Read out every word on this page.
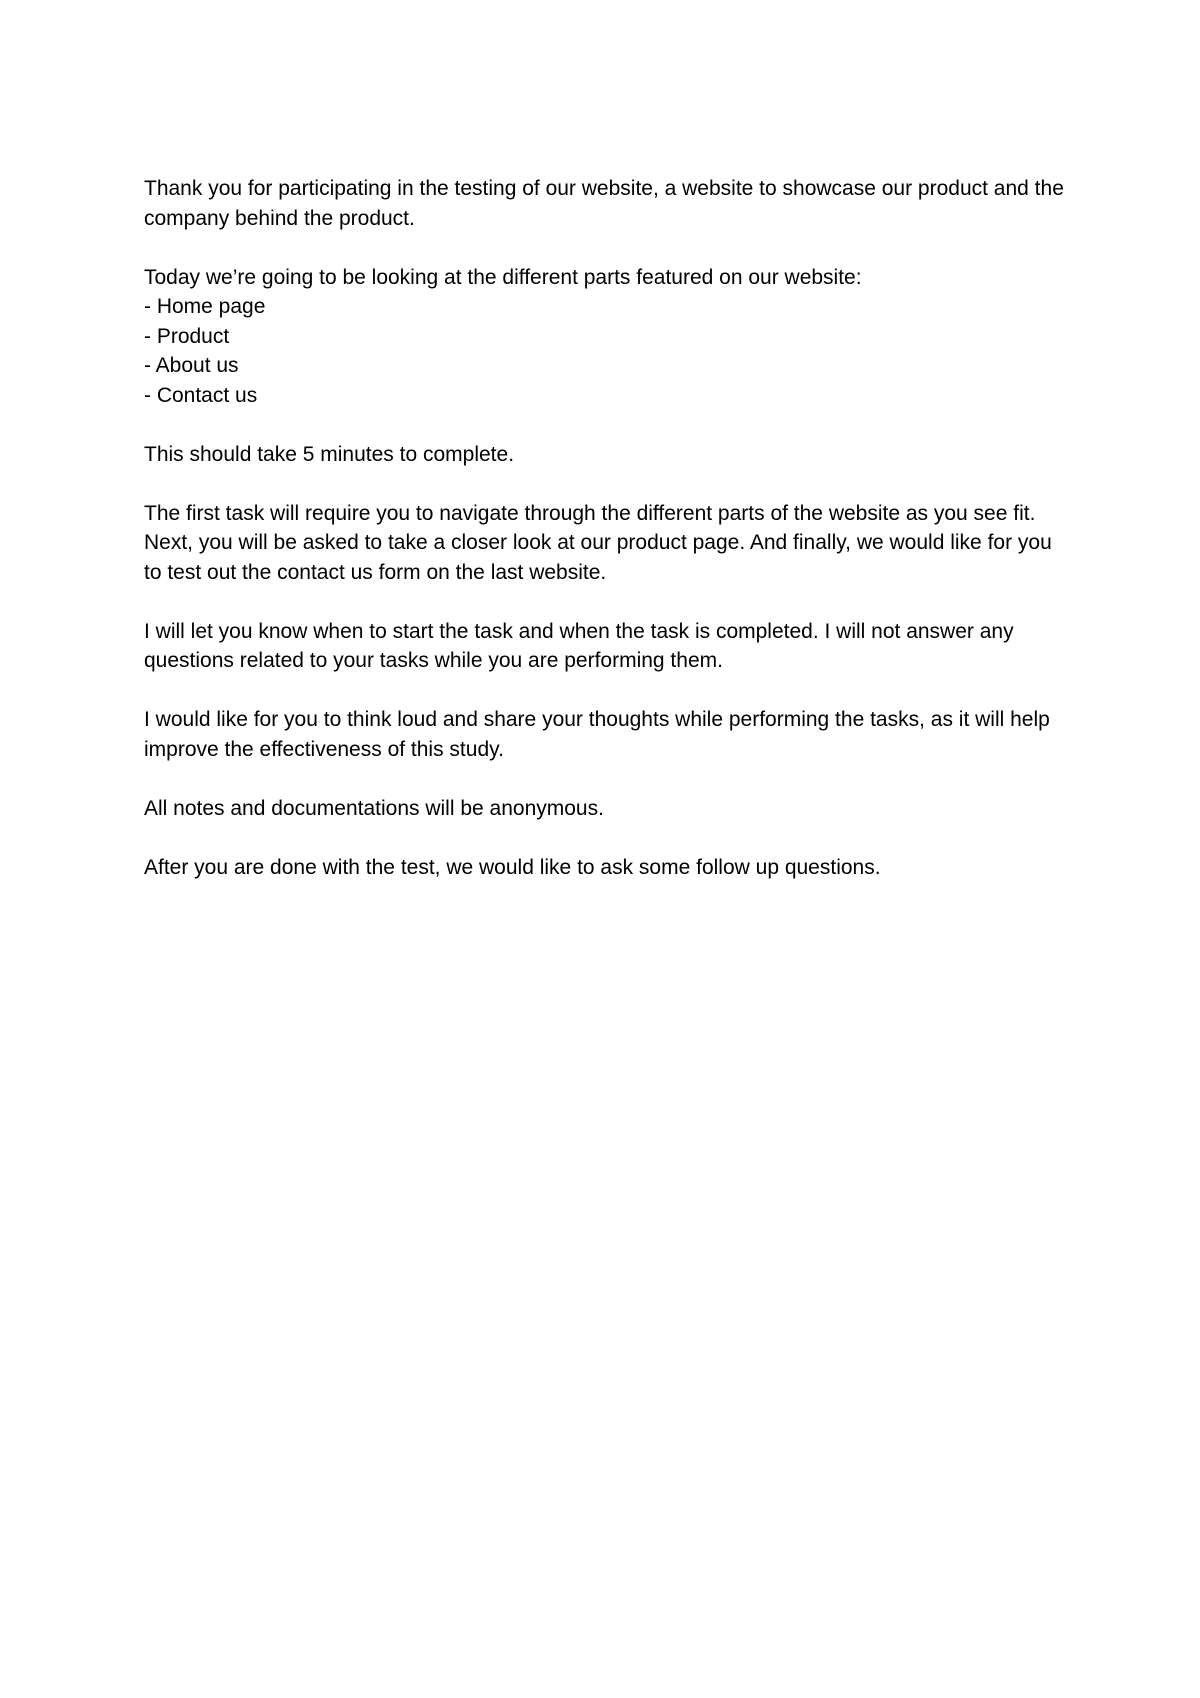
Thank you for participating in the testing of our website, a website to showcase our product and the company behind the product.

Today we’re going to be looking at the different parts featured on our website:
- Home page
- Product
- About us
- Contact us

This should take 5 minutes to complete.

The first task will require you to navigate through the different parts of the website as you see fit. Next, you will be asked to take a closer look at our product page. And finally, we would like for you to test out the contact us form on the last website.

I will let you know when to start the task and when the task is completed. I will not answer any questions related to your tasks while you are performing them.

I would like for you to think loud and share your thoughts while performing the tasks, as it will help improve the effectiveness of this study.

All notes and documentations will be anonymous.

After you are done with the test, we would like to ask some follow up questions.
